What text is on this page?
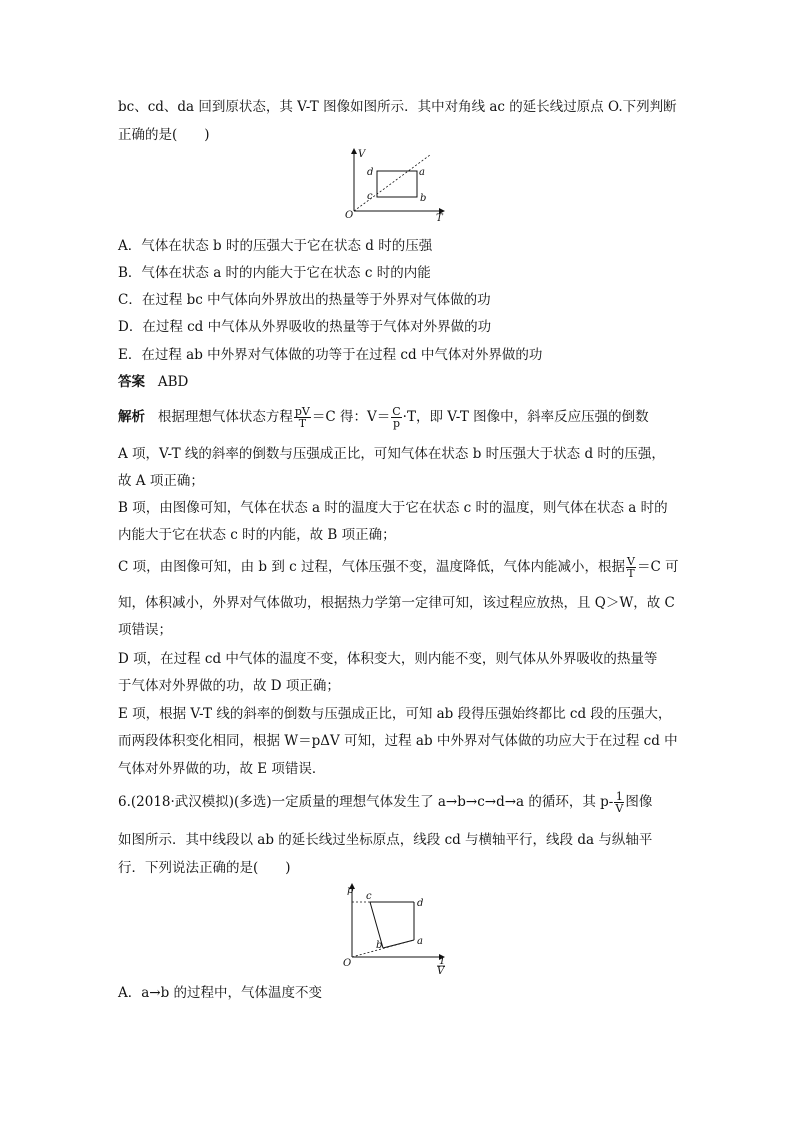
bc、cd、da 回到原状态，其 V-T 图像如图所示．其中对角线 ac 的延长线过原点 O.下列判断
正确的是(　　)
V
T
O
d	a
c	b
A．气体在状态 b 时的压强大于它在状态 d 时的压强
B．气体在状态 a 时的内能大于它在状态 c 时的内能
C．在过程 bc 中气体向外界放出的热量等于外界对气体做的功
D．在过程 cd 中气体从外界吸收的热量等于气体对外界做的功
E．在过程 ab 中外界对气体做的功等于在过程 cd 中气体对外界做的功
答案 ABD
解析 根据理想气体状态方程 $\frac{pV}{T} =C$ 得：$V= \frac{C}{p} \cdot T$，即 V-T 图像中，斜率反应压强的倒数
A 项，V-T 线的斜率的倒数与压强成正比，可知气体在状态 b 时压强大于状态 d 时的压强，
故 A 项正确；
B 项，由图像可知，气体在状态 a 时的温度大于它在状态 c 时的温度，则气体在状态 a 时的
内能大于它在状态 c 时的内能，故 B 项正确；
C 项，由图像可知，由 b 到 c 过程，气体压强不变，温度降低，气体内能减小，根据 $\frac{V}{T} =C$ 可
知，体积减小，外界对气体做功，根据热力学第一定律可知，该过程应放热，且 Q＞W，故 C
项错误；
D 项，在过程 cd 中气体的温度不变，体积变大，则内能不变，则气体从外界吸收的热量等
于气体对外界做的功，故 D 项正确；
E 项，根据 V-T 线的斜率的倒数与压强成正比，可知 ab 段得压强始终都比 cd 段的压强大，
而两段体积变化相同，根据 W＝pΔV 可知，过程 ab 中外界对气体做的功应大于在过程 cd 中
气体对外界做的功，故 E 项错误．
6.(2018·武汉模拟)(多选)一定质量的理想气体发生了 a→b→c→d→a 的循环，其 $p- \frac{1}{V}$ 图像
如图所示．其中线段以 ab 的延长线过坐标原点，线段 cd 与横轴平行，线段 da 与纵轴平
行．下列说法正确的是(　　)
p
1
V
O
c
d
a
b
A．a→b 的过程中，气体温度不变
